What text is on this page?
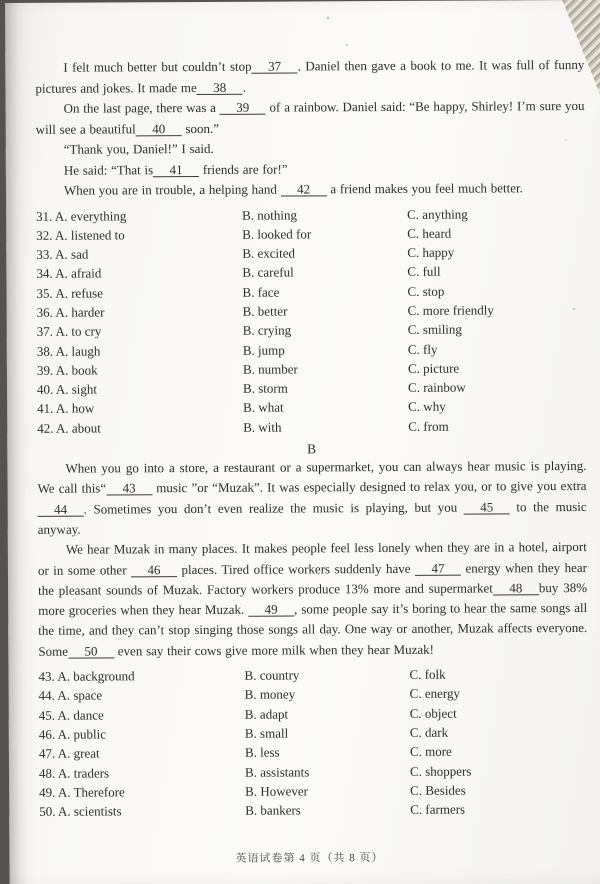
I felt much better but couldn’t stop 37 . Daniel then gave a book to me. It was full of funny pictures and jokes. It made me 38 .

On the last page, there was a 39 of a rainbow. Daniel said: “Be happy, Shirley! I’m sure you will see a beautiful 40 soon.”

“Thank you, Daniel!” I said.

He said: “That is 41 friends are for!”

When you are in trouble, a helping hand 42 a friend makes you feel much better.

31. A. everything	B. nothing	C. anything
32. A. listened to	B. looked for	C. heard
33. A. sad	B. excited	C. happy
34. A. afraid	B. careful	C. full
35. A. refuse	B. face	C. stop
36. A. harder	B. better	C. more friendly
37. A. to cry	B. crying	C. smiling
38. A. laugh	B. jump	C. fly
39. A. book	B. number	C. picture
40. A. sight	B. storm	C. rainbow
41. A. how	B. what	C. why
42. A. about	B. with	C. from
B

When you go into a store, a restaurant or a supermarket, you can always hear music is playing. We call this“ 43 music ”or “Muzak”. It was especially designed to relax you, or to give you extra44 . Sometimes you don’t even realize the music is playing, but you 45 to the music anyway.

We hear Muzak in many places. It makes people feel less lonely when they are in a hotel, airport or in some other 46 places. Tired office workers suddenly have 47 energy when they hear the pleasant sounds of Muzak. Factory workers produce 13% more and supermarket 48 buy 38% more groceries when they hear Muzak. 49 , some people say it’s boring to hear the same songs all the time, and they can’t stop singing those songs all day. One way or another, Muzak affects everyone. Some 50 even say their cows give more milk when they hear Muzak!

43. A. background	B. country	C. folk
44. A. space	B. money	C. energy
45. A. dance	B. adapt	C. object
46. A. public	B. small	C. dark
47. A. great	B. less	C. more
48. A. traders	B. assistants	C. shoppers
49. A. Therefore	B. However	C. Besides
50. A. scientists	B. bankers	C. farmers
英语试卷第 4 页（共 8 页）
